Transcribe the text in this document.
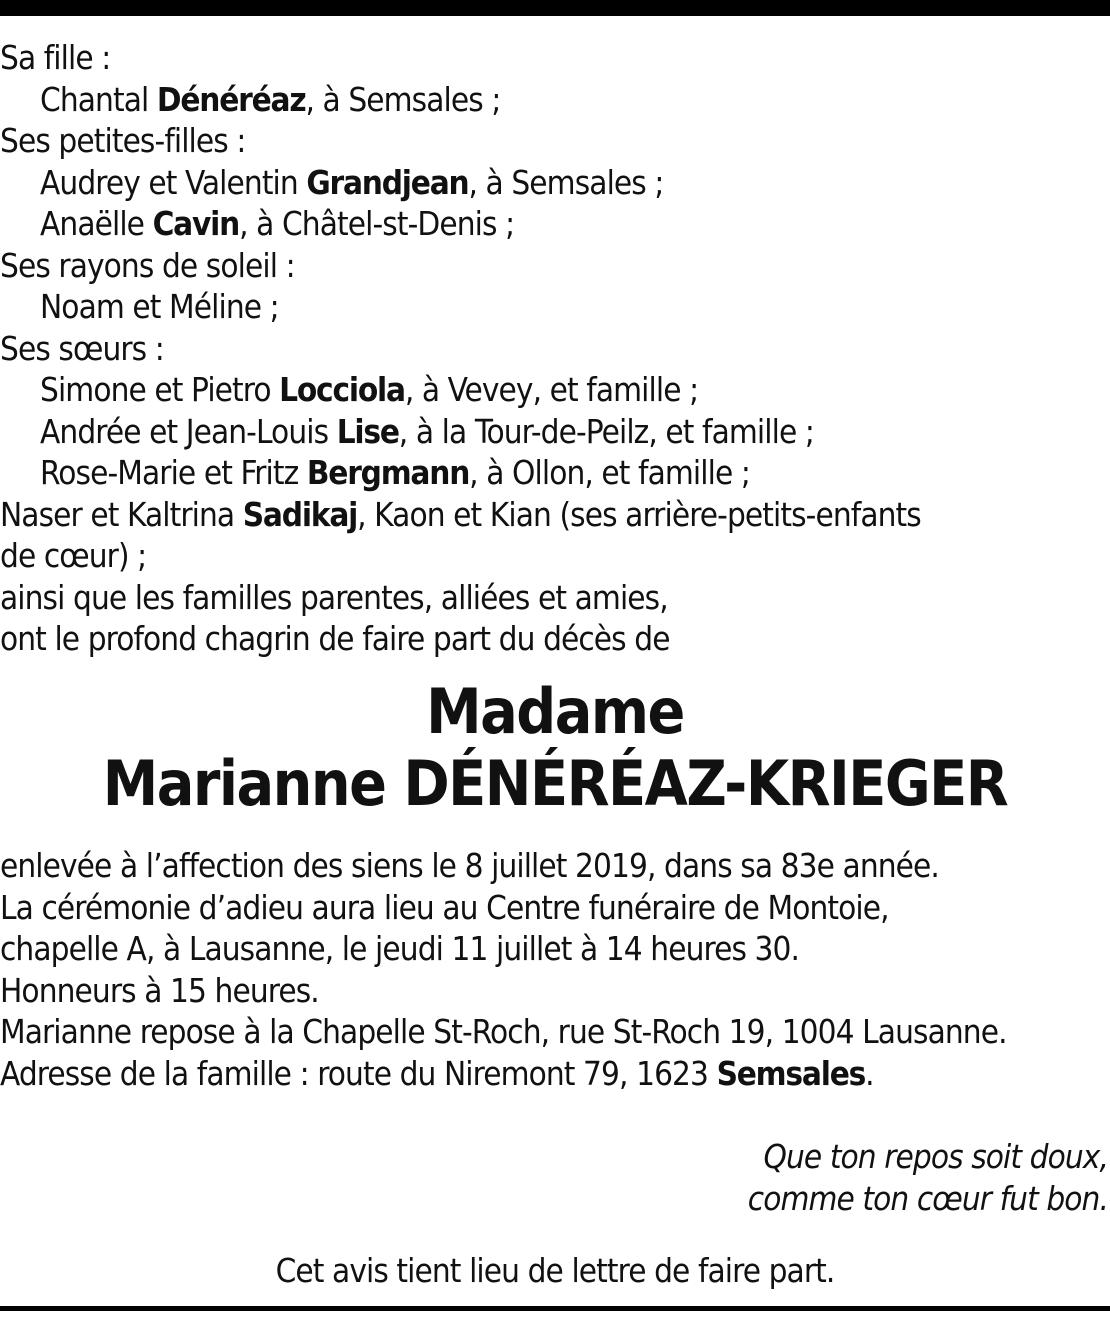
Sa fille :
Chantal Dénéréaz, à Semsales ;
Ses petites-filles :
Audrey et Valentin Grandjean, à Semsales ;
Anaëlle Cavin, à Châtel-st-Denis ;
Ses rayons de soleil :
Noam et Méline ;
Ses sœurs :
Simone et Pietro Locciola, à Vevey, et famille ;
Andrée et Jean-Louis Lise, à la Tour-de-Peilz, et famille ;
Rose-Marie et Fritz Bergmann, à Ollon, et famille ;
Naser et Kaltrina Sadikaj, Kaon et Kian (ses arrière-petits-enfants
de cœur) ;
ainsi que les familles parentes, alliées et amies,
ont le profond chagrin de faire part du décès de
Madame
Marianne DÉNÉRÉAZ-KRIEGER
enlevée à l’affection des siens le 8 juillet 2019, dans sa 83e année.
La cérémonie d’adieu aura lieu au Centre funéraire de Montoie,
chapelle A, à Lausanne, le jeudi 11 juillet à 14 heures 30.
Honneurs à 15 heures.
Marianne repose à la Chapelle St-Roch, rue St-Roch 19, 1004 Lausanne.
Adresse de la famille : route du Niremont 79, 1623 Semsales.
Que ton repos soit doux,
comme ton cœur fut bon.
Cet avis tient lieu de lettre de faire part.
